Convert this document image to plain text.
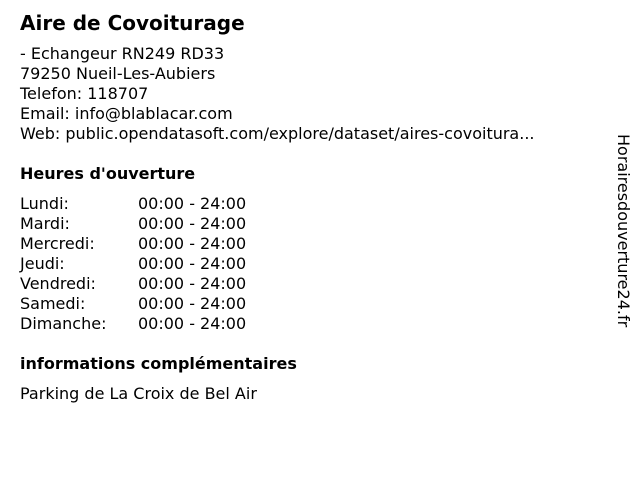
Aire de Covoiturage
- Echangeur RN249 RD33
79250 Nueil-Les-Aubiers
Telefon: 118707
Email: info@blablacar.com
Web: public.opendatasoft.com/explore/dataset/aires-covoitura...
Heures d'ouverture
Lundi:	00:00 - 24:00
Mardi:	00:00 - 24:00
Mercredi:	00:00 - 24:00
Jeudi:	00:00 - 24:00
Vendredi:	00:00 - 24:00
Samedi:	00:00 - 24:00
Dimanche: 00:00 - 24:00
informations complémentaires
Parking de La Croix de Bel Air
Horairesdouverture24.fr
